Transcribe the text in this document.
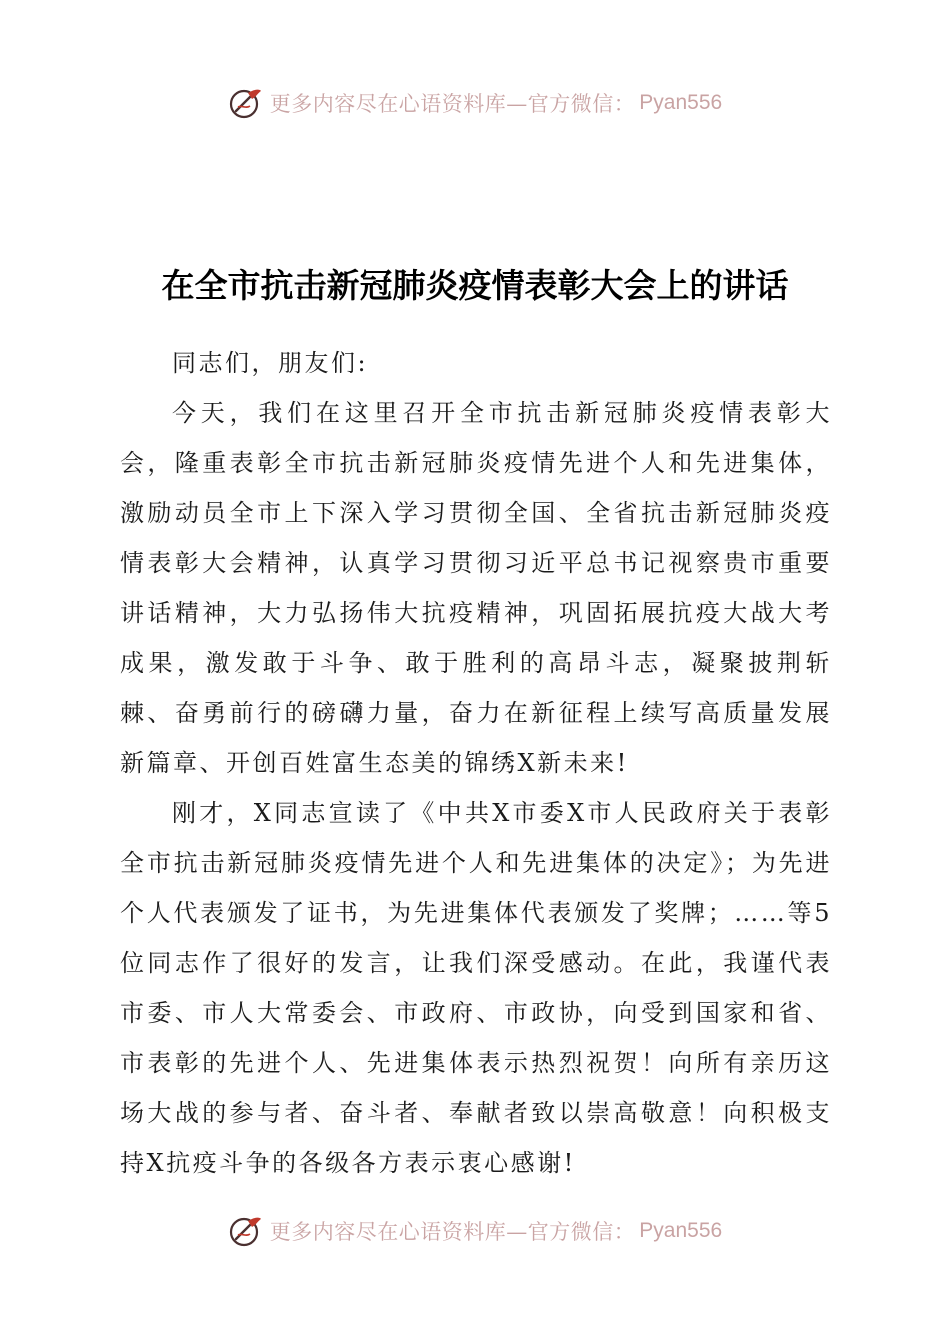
更多内容尽在心语资料库—官方微信： Pyan556
在全市抗击新冠肺炎疫情表彰大会上的讲话

同志们，朋友们:

今天，我们在这里召开全市抗击新冠肺炎疫情表彰大会，隆重表彰全市抗击新冠肺炎疫情先进个人和先进集体，激励动员全市上下深入学习贯彻全国、全省抗击新冠肺炎疫情表彰大会精神，认真学习贯彻习近平总书记视察贵市重要讲话精神，大力弘扬伟大抗疫精神，巩固拓展抗疫大战大考成果，激发敢于斗争、敢于胜利的高昂斗志，凝聚披荆斩棘、奋勇前行的磅礴力量，奋力在新征程上续写高质量发展新篇章、开创百姓富生态美的锦绣X新未来!

刚才，X同志宣读了《中共X市委X市人民政府关于表彰全市抗击新冠肺炎疫情先进个人和先进集体的决定》；为先进个人代表颁发了证书，为先进集体代表颁发了奖牌；……等5位同志作了很好的发言，让我们深受感动。在此，我谨代表市委、市人大常委会、市政府、市政协，向受到国家和省、市表彰的先进个人、先进集体表示热烈祝贺！向所有亲历这场大战的参与者、奋斗者、奉献者致以崇高敬意！向积极支持X抗疫斗争的各级各方表示衷心感谢!

更多内容尽在心语资料库—官方微信： Pyan556
